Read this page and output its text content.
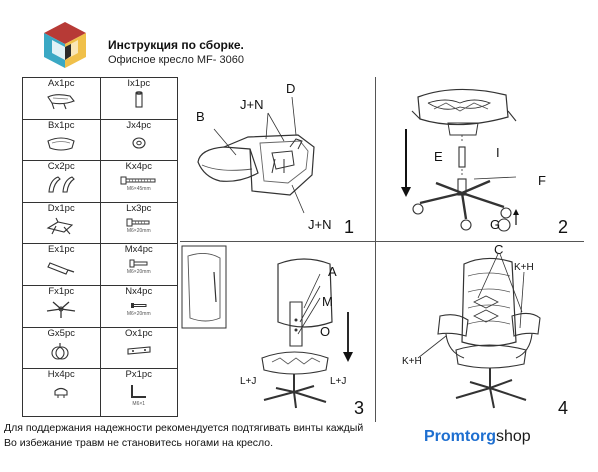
Инструкция по сборке.
Офисное кресло MF- 3060
Ax1pc	Ix1pc

Bx1pc	Jx4pc

Cx2pc	Kx4pc
M6×45mm

Dx1pc	Lx3pc
M6×20mm

Ex1pc	Mx4pc
M6×20mm

Fx1pc	Nx4pc
M6×20mm

Gx5pc	Ox1pc

Hx4pc	Px1pc
M6×1
B
J+N
D
J+N 1
E	I
F
G	2
A
M
O
L+J	L+J
3
C
K+H
K+H
4
Для поддержания надежности рекомендуется подтягивать винты каждый
Во избежание травм не становитесь ногами на кресло.	Promtorgshop
